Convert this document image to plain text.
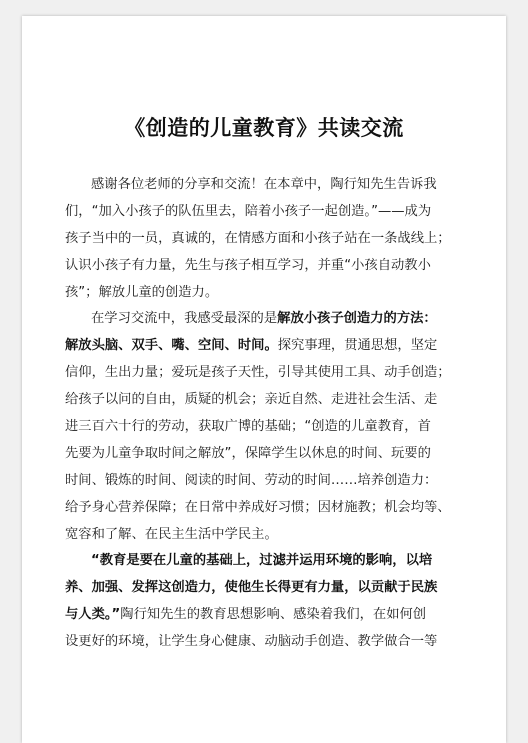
《创造的儿童教育》共读交流
感谢各位老师的分享和交流！在本章中，陶行知先生告诉我
们，“加入小孩子的队伍里去，陪着小孩子一起创造。”——成为
孩子当中的一员，真诚的，在情感方面和小孩子站在一条战线上；
认识小孩子有力量，先生与孩子相互学习，并重“小孩自动教小
孩”；解放儿童的创造力。
在学习交流中，我感受最深的是解放小孩子创造力的方法：
解放头脑、双手、嘴、空间、时间。探究事理，贯通思想，坚定
信仰，生出力量；爱玩是孩子天性，引导其使用工具、动手创造；
给孩子以问的自由，质疑的机会；亲近自然、走进社会生活、走
进三百六十行的劳动，获取广博的基础；“创造的儿童教育，首
先要为儿童争取时间之解放”，保障学生以休息的时间、玩要的
时间、锻炼的时间、阅读的时间、劳动的时间……培养创造力：
给予身心营养保障；在日常中养成好习惯；因材施教；机会均等、
宽容和了解、在民主生活中学民主。
“教育是要在儿童的基础上，过滤并运用环境的影响，以培
养、加强、发挥这创造力，使他生长得更有力量，以贡献于民族
与人类。”陶行知先生的教育思想影响、感染着我们，在如何创
设更好的环境，让学生身心健康、动脑动手创造、教学做合一等
